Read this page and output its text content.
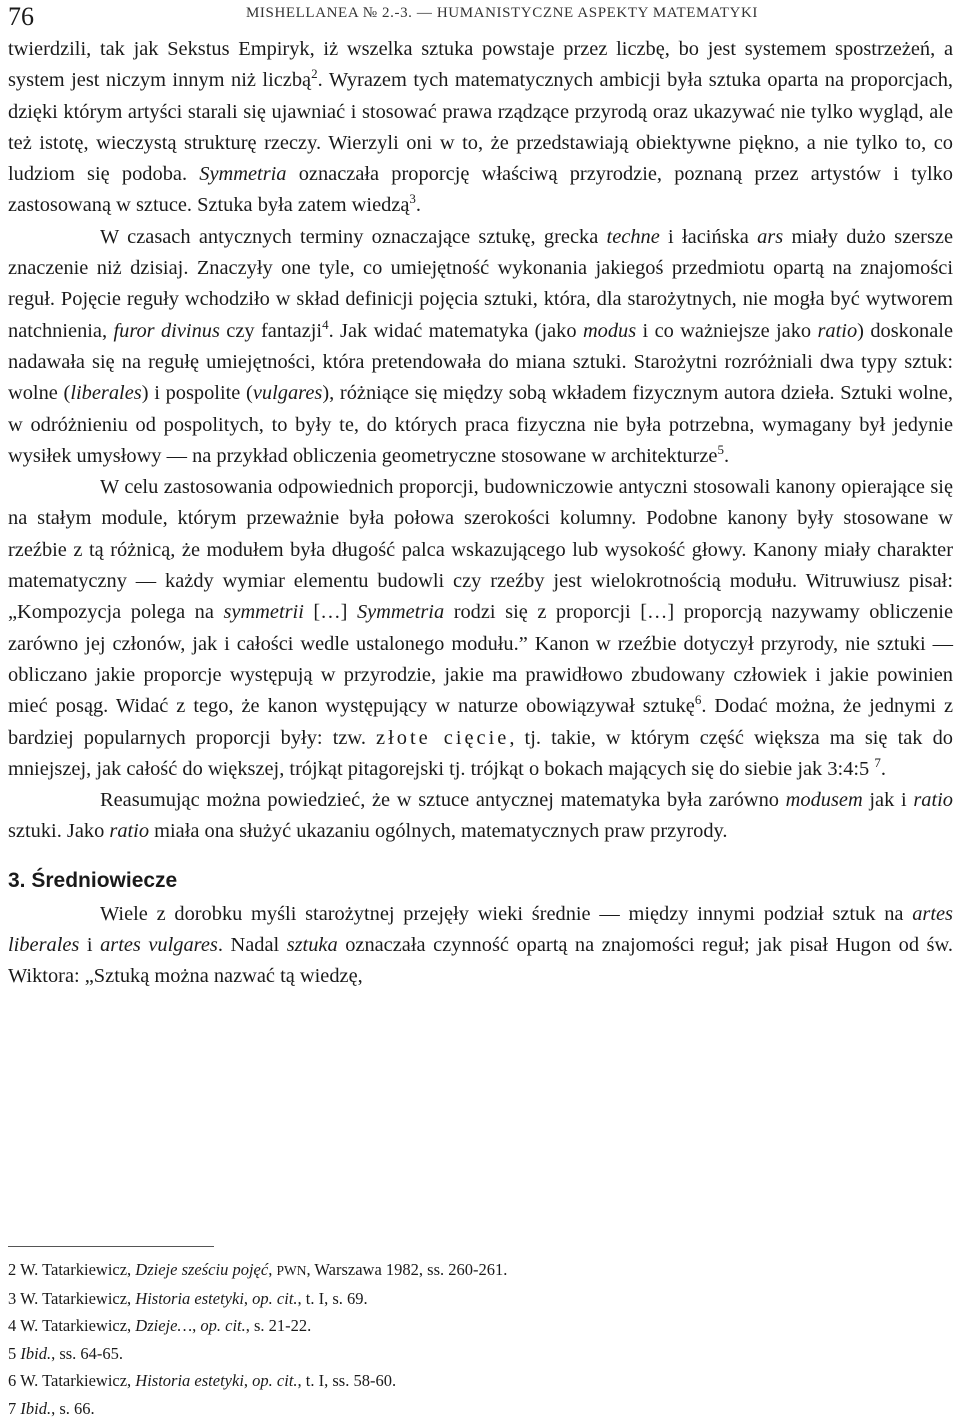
76	MISHELLANEA № 2.-3. — HUMANISTYCZNE ASPEKTY MATEMATYKI

twierdzili, tak jak Sekstus Empiryk, iż wszelka sztuka powstaje przez liczbę, bo jest systemem spostrzeżeń, a system jest niczym innym niż liczbą$^2$. Wyrazem tych matematycznych ambicji była sztuka oparta na proporcjach, dzięki którym artyści starali się ujawniać i stosować prawa rządzące przyrodą oraz ukazywać nie tylko wygląd, ale też istotę, wieczystą strukturę rzeczy. Wierzyli oni w to, że przedstawiają obiektywne piękno, a nie tylko to, co ludziom się podoba. Symmetria oznaczała proporcję właściwą przyrodzie, poznaną przez artystów i tylko zastosowaną w sztuce. Sztuka była zatem wiedzą$^3$.

W czasach antycznych terminy oznaczające sztukę, grecka techne i łacińska ars miały dużo szersze znaczenie niż dzisiaj. Znaczyły one tyle, co umiejętność wykonania jakiegoś przedmiotu opartą na znajomości reguł. Pojęcie reguły wchodziło w skład definicji pojęcia sztuki, która, dla starożytnych, nie mogła być wytworem natchnienia, furor divinus czy fantazji$^4$. Jak widać matematyka (jako modus i co ważniejsze jako ratio) doskonale nadawała się na regułę umiejętności, która pretendowała do miana sztuki. Starożytni rozróżniali dwa typy sztuk: wolne (liberales) i pospolite (vulgares), różniące się między sobą wkładem fizycznym autora dzieła. Sztuki wolne, w odróżnieniu od pospolitych, to były te, do których praca fizyczna nie była potrzebna, wymagany był jedynie wysiłek umysłowy — na przykład obliczenia geometryczne stosowane w architekturze$^5$.

W celu zastosowania odpowiednich proporcji, budowniczowie antyczni stosowali kanony opierające się na stałym module, którym przeważnie była połowa szerokości kolumny. Podobne kanony były stosowane w rzeźbie z tą różnicą, że modułem była długość palca wskazującego lub wysokość głowy. Kanony miały charakter matematyczny — każdy wymiar elementu budowli czy rzeźby jest wielokrotnością modułu. Witruwiusz pisał: „Kompozycja polega na symmetrii […] Symmetria rodzi się z proporcji […] proporcją nazywamy obliczenie zarówno jej członów, jak i całości wedle ustalonego modułu.” Kanon w rzeźbie dotyczył przyrody, nie sztuki — obliczano jakie proporcje występują w przyrodzie, jakie ma prawidłowo zbudowany człowiek i jakie powinien mieć posąg. Widać z tego, że kanon występujący w naturze obowiązywał sztukę$^6$. Dodać można, że jednymi z bardziej popularnych proporcji były: tzw. złote cięcie, tj. takie, w którym część większa ma się tak do mniejszej, jak całość do większej, trójkąt pitagorejski tj. trójkąt o bokach mających się do siebie jak 3:4:5 $^7$.

Reasumując można powiedzieć, że w sztuce antycznej matematyka była zarówno modusem jak i ratio sztuki. Jako ratio miała ona służyć ukazaniu ogólnych, matematycznych praw przyrody.

3. Średniowiecze

Wiele z dorobku myśli starożytnej przejęły wieki średnie — między innymi podział sztuk na artes liberales i artes vulgares. Nadal sztuka oznaczała czynność opartą na znajomości reguł; jak pisał Hugon od św. Wiktora: „Sztuką można nazwać tą wiedzę,

2 W. Tatarkiewicz, Dzieje sześciu pojęć, PWN, Warszawa 1982, ss. 260-261.

3 W. Tatarkiewicz, Historia estetyki, op. cit., t. I, s. 69.

4 W. Tatarkiewicz, Dzieje…, op. cit., s. 21-22.

5 Ibid., ss. 64-65.

6 W. Tatarkiewicz, Historia estetyki, op. cit., t. I, ss. 58-60.

7 Ibid., s. 66.
